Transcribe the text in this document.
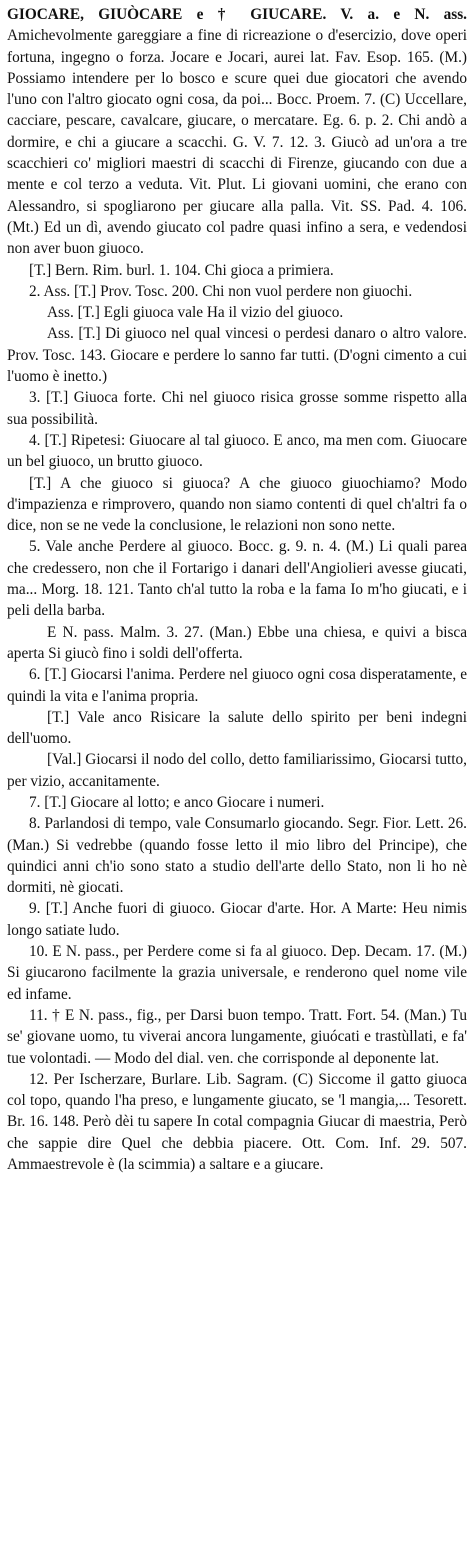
GIOCARE, GIUÒCARE e † GIUCARE. V. a. e N. ass. Amichevolmente gareggiare a fine di ricreazione o d'esercizio, dove operi fortuna, ingegno o forza. Jocare e Jocari, aurei lat. Fav. Esop. 165. (M.) Possiamo intendere per lo bosco e scure quei due giocatori che avendo l'uno con l'altro giocato ogni cosa, da poi... Bocc. Proem. 7. (C) Uccellare, cacciare, pescare, cavalcare, giucare, o mercatare. Eg. 6. p. 2. Chi andò a dormire, e chi a giucare a scacchi. G. V. 7. 12. 3. Giucò ad un'ora a tre scacchieri co' migliori maestri di scacchi di Firenze, giucando con due a mente e col terzo a veduta. Vit. Plut. Li giovani uomini, che erano con Alessandro, si spogliarono per giucare alla palla. Vit. SS. Pad. 4. 106. (Mt.) Ed un dì, avendo giucato col padre quasi infino a sera, e vedendosi non aver buon giuoco.

[T.] Bern. Rim. burl. 1. 104. Chi gioca a primiera.

2. Ass. [T.] Prov. Tosc. 200. Chi non vuol perdere non giuochi.

Ass. [T.] Egli giuoca vale Ha il vizio del giuoco.

Ass. [T.] Di giuoco nel qual vincesi o perdesi danaro o altro valore. Prov. Tosc. 143. Giocare e perdere lo sanno far tutti. (D'ogni cimento a cui l'uomo è inetto.)

3. [T.] Giuoca forte. Chi nel giuoco risica grosse somme rispetto alla sua possibilità.

4. [T.] Ripetesi: Giuocare al tal giuoco. E anco, ma men com. Giuocare un bel giuoco, un brutto giuoco.

[T.] A che giuoco si giuoca? A che giuoco giuochiamo? Modo d'impazienza e rimprovero, quando non siamo contenti di quel ch'altri fa o dice, non se ne vede la conclusione, le relazioni non sono nette.

5. Vale anche Perdere al giuoco. Bocc. g. 9. n. 4. (M.) Li quali parea che credessero, non che il Fortarigo i danari dell'Angiolieri avesse giucati, ma... Morg. 18. 121. Tanto ch'al tutto la roba e la fama Io m'ho giucati, e i peli della barba.

E N. pass. Malm. 3. 27. (Man.) Ebbe una chiesa, e quivi a bisca aperta Si giucò fino i soldi dell'offerta.

6. [T.] Giocarsi l'anima. Perdere nel giuoco ogni cosa disperatamente, e quindi la vita e l'anima propria.

[T.] Vale anco Risicare la salute dello spirito per beni indegni dell'uomo.

[Val.] Giocarsi il nodo del collo, detto familiarissimo, Giocarsi tutto, per vizio, accanitamente.

7. [T.] Giocare al lotto; e anco Giocare i numeri.

8. Parlandosi di tempo, vale Consumarlo giocando. Segr. Fior. Lett. 26. (Man.) Si vedrebbe (quando fosse letto il mio libro del Principe), che quindici anni ch'io sono stato a studio dell'arte dello Stato, non li ho nè dormiti, nè giocati.

9. [T.] Anche fuori di giuoco. Giocar d'arte. Hor. A Marte: Heu nimis longo satiate ludo.

10. E N. pass., per Perdere come si fa al giuoco. Dep. Decam. 17. (M.) Si giucarono facilmente la grazia universale, e renderono quel nome vile ed infame.

11. † E N. pass., fig., per Darsi buon tempo. Tratt. Fort. 54. (Man.) Tu se' giovane uomo, tu viverai ancora lungamente, giuócati e trastùllati, e fa' tue volontadi. — Modo del dial. ven. che corrisponde al deponente lat.

12. Per Ischerzare, Burlare. Lib. Sagram. (C) Siccome il gatto giuoca col topo, quando l'ha preso, e lungamente giucato, se 'l mangia,... Tesorett. Br. 16. 148. Però dèi tu sapere In cotal compagnia Giucar di maestria, Però che sappie dire Quel che debbia piacere. Ott. Com. Inf. 29. 507. Ammaestrevole è (la scimmia) a saltare e a giucare.
